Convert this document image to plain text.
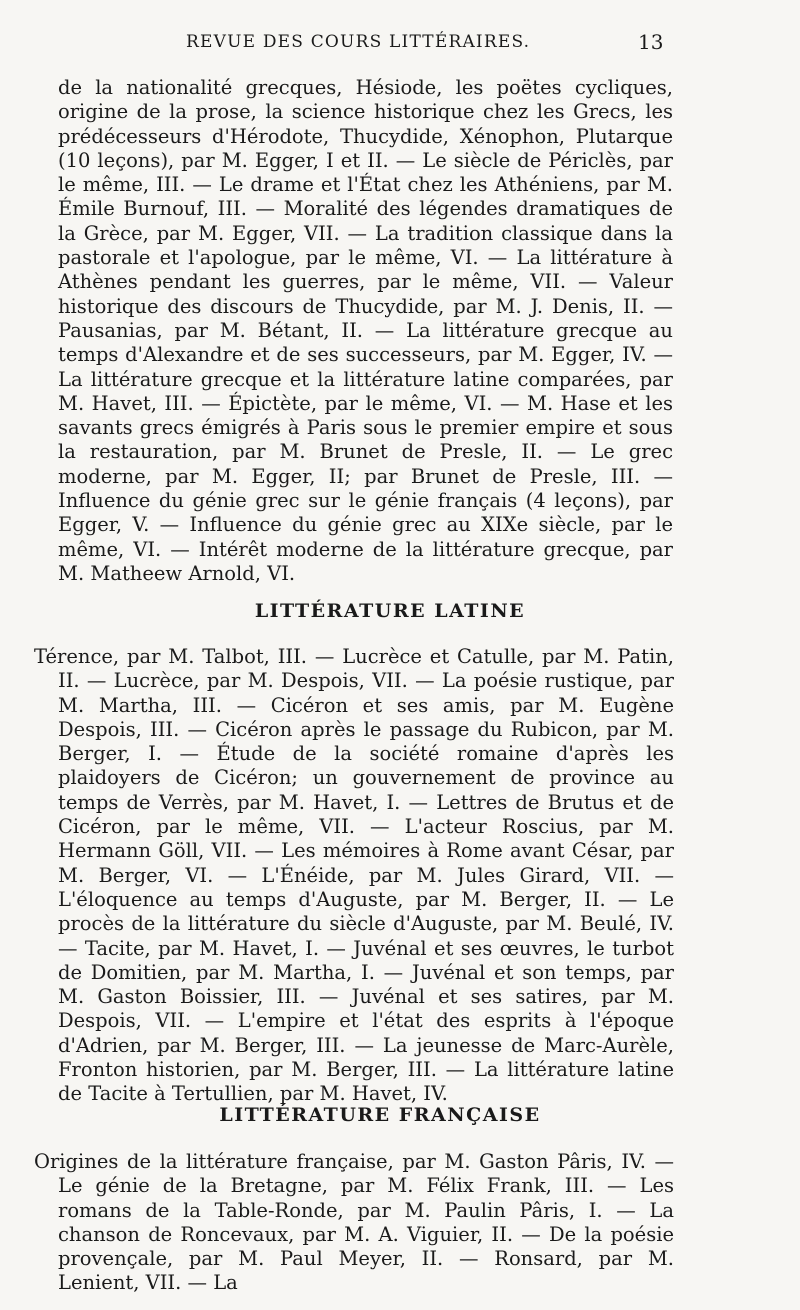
REVUE DES COURS LITTÉRAIRES.	13
de la nationalité grecques, Hésiode, les poëtes cycliques, origine de la prose, la science historique chez les Grecs, les prédécesseurs d'Hérodote, Thucydide, Xénophon, Plutarque (10 leçons), par M. Egger, I et II. — Le siècle de Périclès, par le même, III. — Le drame et l'État chez les Athéniens, par M. Émile Burnouf, III. — Moralité des légendes dramatiques de la Grèce, par M. Egger, VII. — La tradition classique dans la pastorale et l'apologue, par le même, VI. — La littérature à Athènes pendant les guerres, par le même, VII. — Valeur historique des discours de Thucydide, par M. J. Denis, II. — Pausanias, par M. Bétant, II. — La littérature grecque au temps d'Alexandre et de ses successeurs, par M. Egger, IV. — La littérature grecque et la littérature latine comparées, par M. Havet, III. — Épictète, par le même, VI. — M. Hase et les savants grecs émigrés à Paris sous le premier empire et sous la restauration, par M. Brunet de Presle, II. — Le grec moderne, par M. Egger, II; par Brunet de Presle, III. — Influence du génie grec sur le génie français (4 leçons), par Egger, V. — Influence du génie grec au XIXe siècle, par le même, VI. — Intérêt moderne de la littérature grecque, par M. Matheew Arnold, VI.
LITTÉRATURE LATINE
Térence, par M. Talbot, III. — Lucrèce et Catulle, par M. Patin, II. — Lucrèce, par M. Despois, VII. — La poésie rustique, par M. Martha, III. — Cicéron et ses amis, par M. Eugène Despois, III. — Cicéron après le passage du Rubicon, par M. Berger, I. — Étude de la société romaine d'après les plaidoyers de Cicéron; un gouvernement de province au temps de Verrès, par M. Havet, I. — Lettres de Brutus et de Cicéron, par le même, VII. — L'acteur Roscius, par M. Hermann Göll, VII. — Les mémoires à Rome avant César, par M. Berger, VI. — L'Énéide, par M. Jules Girard, VII. — L'éloquence au temps d'Auguste, par M. Berger, II. — Le procès de la littérature du siècle d'Auguste, par M. Beulé, IV. — Tacite, par M. Havet, I. — Juvénal et ses œuvres, le turbot de Domitien, par M. Martha, I. — Juvénal et son temps, par M. Gaston Boissier, III. — Juvénal et ses satires, par M. Despois, VII. — L'empire et l'état des esprits à l'époque d'Adrien, par M. Berger, III. — La jeunesse de Marc-Aurèle, Fronton historien, par M. Berger, III. — La littérature latine de Tacite à Tertullien, par M. Havet, IV.
LITTÉRATURE FRANÇAISE
Origines de la littérature française, par M. Gaston Pâris, IV. — Le génie de la Bretagne, par M. Félix Frank, III. — Les romans de la Table-Ronde, par M. Paulin Pâris, I. — La chanson de Roncevaux, par M. A. Viguier, II. — De la poésie provençale, par M. Paul Meyer, II. — Ronsard, par M. Lenient, VII. — La
